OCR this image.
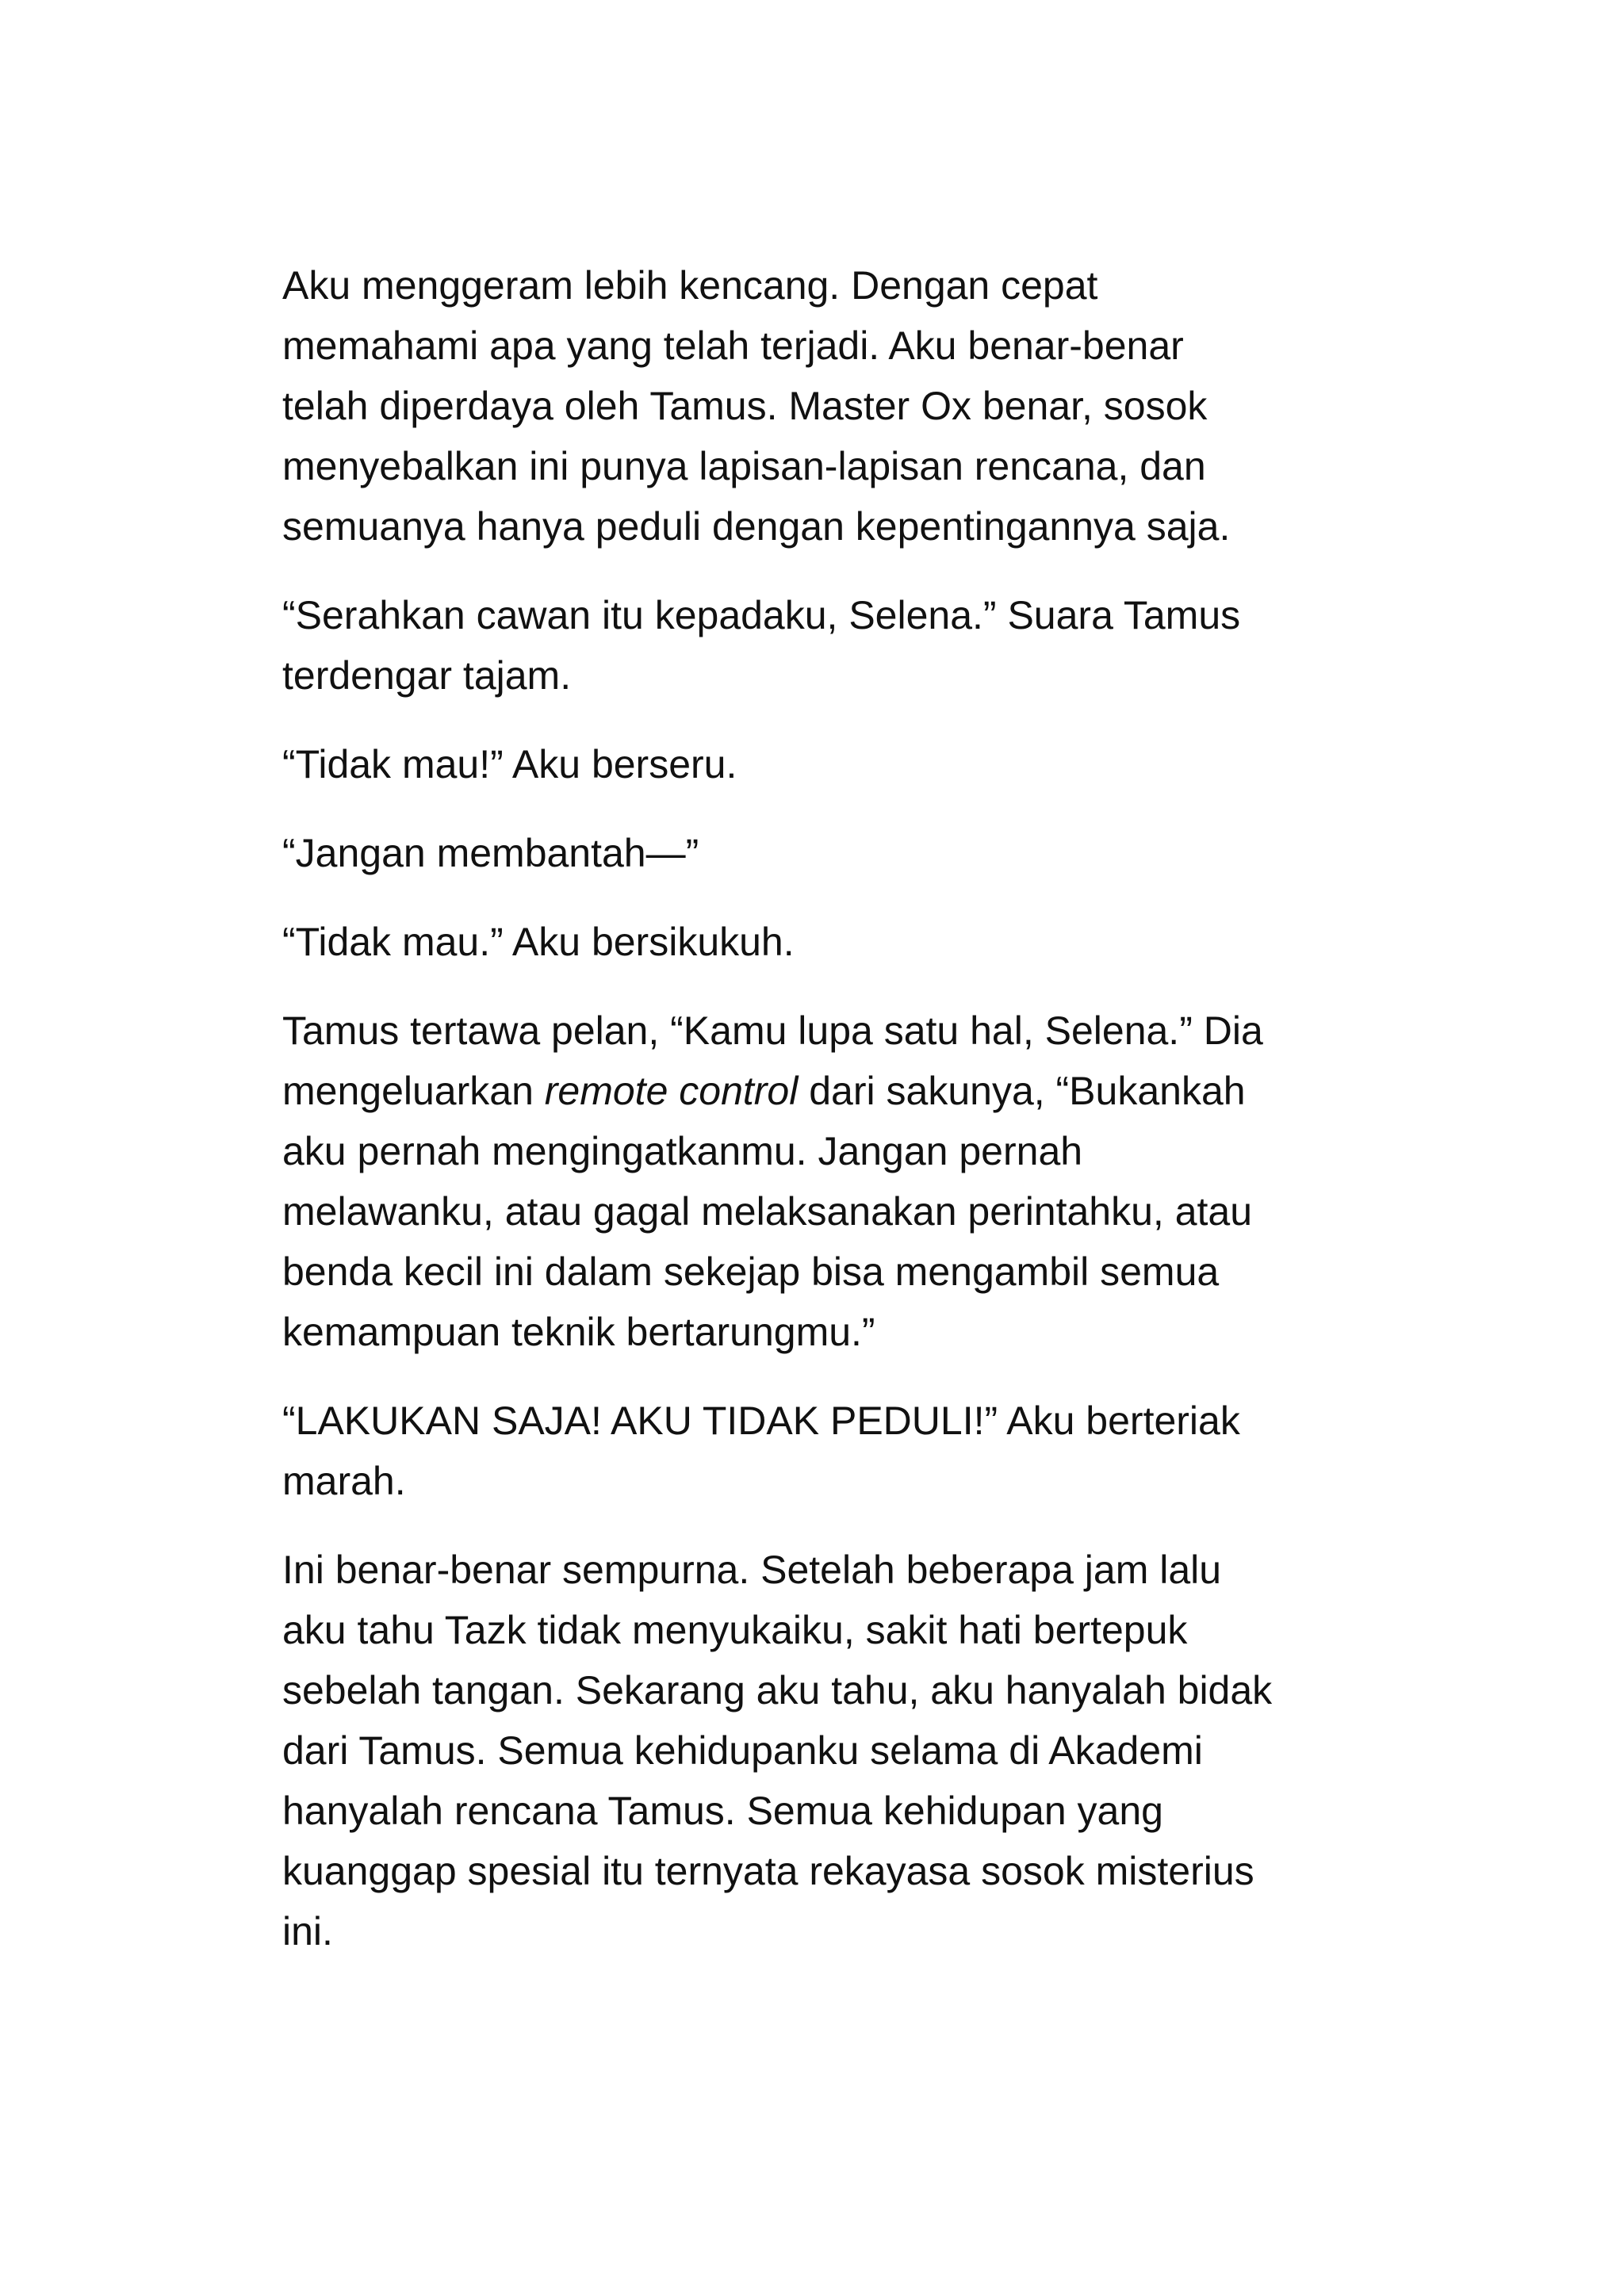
Aku menggeram lebih kencang. Dengan cepat
memahami apa yang telah terjadi. Aku benar-benar
telah diperdaya oleh Tamus. Master Ox benar, sosok
menyebalkan ini punya lapisan-lapisan rencana, dan
semuanya hanya peduli dengan kepentingannya saja.

“Serahkan cawan itu kepadaku, Selena.” Suara Tamus
terdengar tajam.

“Tidak mau!” Aku berseru.

“Jangan membantah—”

“Tidak mau.” Aku bersikukuh.

Tamus tertawa pelan, “Kamu lupa satu hal, Selena.” Dia
mengeluarkan remote control dari sakunya, “Bukankah
aku pernah mengingatkanmu. Jangan pernah
melawanku, atau gagal melaksanakan perintahku, atau
benda kecil ini dalam sekejap bisa mengambil semua
kemampuan teknik bertarungmu.”

“LAKUKAN SAJA! AKU TIDAK PEDULI!” Aku berteriak
marah.

Ini benar-benar sempurna. Setelah beberapa jam lalu
aku tahu Tazk tidak menyukaiku, sakit hati bertepuk
sebelah tangan. Sekarang aku tahu, aku hanyalah bidak
dari Tamus. Semua kehidupanku selama di Akademi
hanyalah rencana Tamus. Semua kehidupan yang
kuanggap spesial itu ternyata rekayasa sosok misterius
ini.
